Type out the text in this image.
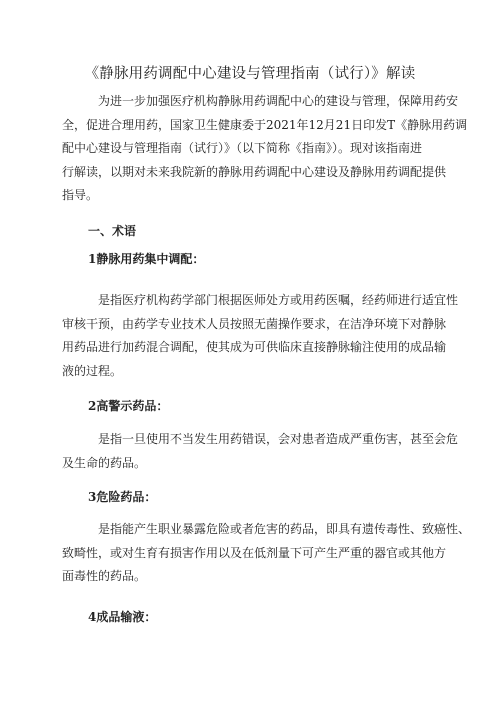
《静脉用药调配中心建设与管理指南（试行）》解读

为进一步加强医疗机构静脉用药调配中心的建设与管理，保障用药安
全，促进合理用药，国家卫生健康委于2021年12月21日印发T《静脉用药调
配中心建设与管理指南（试行）》（以下简称《指南》）。现对该指南进
行解读，以期对未来我院新的静脉用药调配中心建设及静脉用药调配提供
指导。

一、术语
1静脉用药集中调配：

是指医疗机构药学部门根据医师处方或用药医嘱，经药师进行适宜性
审核干预，由药学专业技术人员按照无菌操作要求，在洁净环境下对静脉
用药品进行加药混合调配，使其成为可供临床直接静脉输注使用的成品输
液的过程。

2高警示药品：

是指一旦使用不当发生用药错误，会对患者造成严重伤害，甚至会危
及生命的药品。

3危险药品：

是指能产生职业暴露危险或者危害的药品，即具有遗传毒性、致癌性、
致畸性，或对生育有损害作用以及在低剂量下可产生严重的器官或其他方
面毒性的药品。

4成品输液：
